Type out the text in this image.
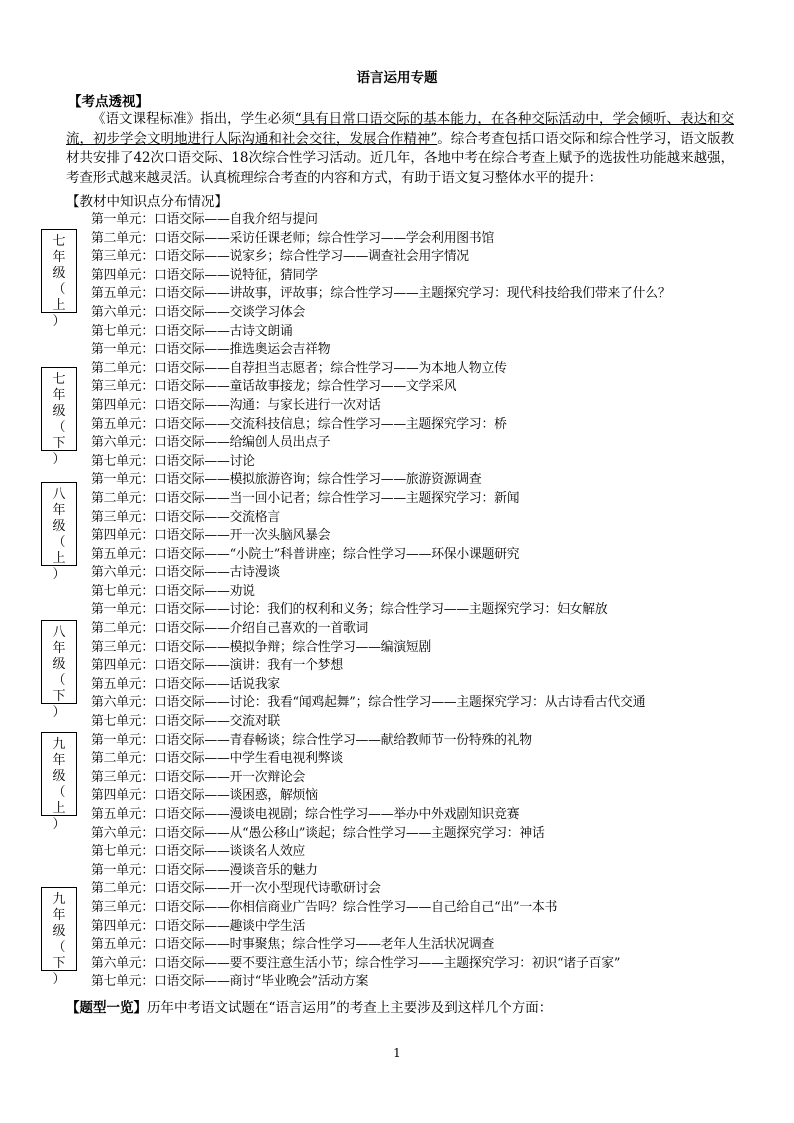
语言运用专题
【考点透视】
《语文课程标准》指出，学生必须“具有日常口语交际的基本能力，在各种交际活动中，学会倾听、表达和交流，初步学会文明地进行人际沟通和社会交往，发展合作精神”。综合考查包括口语交际和综合性学习，语文版教材共安排了42次口语交际、18次综合性学习活动。近几年，各地中考在综合考查上赋予的选拔性功能越来越强，考查形式越来越灵活。认真梳理综合考查的内容和方式，有助于语文复习整体水平的提升：
【教材中知识点分布情况】
第一单元：口语交际——自我介绍与提问
第二单元：口语交际——采访任课老师；综合性学习——学会利用图书馆
第三单元：口语交际——说家乡；综合性学习——调查社会用字情况
第四单元：口语交际——说特征，猜同学
第五单元：口语交际——讲故事，评故事；综合性学习——主题探究学习：现代科技给我们带来了什么？
第六单元：口语交际——交谈学习体会
第七单元：口语交际——古诗文朗诵
第一单元：口语交际——推选奥运会吉祥物
第二单元：口语交际——自荐担当志愿者；综合性学习——为本地人物立传
第三单元：口语交际——童话故事接龙；综合性学习——文学采风
第四单元：口语交际——沟通：与家长进行一次对话
第五单元：口语交际——交流科技信息；综合性学习——主题探究学习：桥
第六单元：口语交际——给编创人员出点子
第七单元：口语交际——讨论
第一单元：口语交际——模拟旅游咨询；综合性学习——旅游资源调查
第二单元：口语交际——当一回小记者；综合性学习——主题探究学习：新闻
第三单元：口语交际——交流格言
第四单元：口语交际——开一次头脑风暴会
第五单元：口语交际——“小院士”科普讲座；综合性学习——环保小课题研究
第六单元：口语交际——古诗漫谈
第七单元：口语交际——劝说
第一单元：口语交际——讨论：我们的权利和义务；综合性学习——主题探究学习：妇女解放
第二单元：口语交际——介绍自己喜欢的一首歌词
第三单元：口语交际——模拟争辩；综合性学习——编演短剧
第四单元：口语交际——演讲：我有一个梦想
第五单元：口语交际——话说我家
第六单元：口语交际——讨论：我看“闻鸡起舞”；综合性学习——主题探究学习：从古诗看古代交通
第七单元：口语交际——交流对联
第一单元：口语交际——青春畅谈；综合性学习——献给教师节一份特殊的礼物
第二单元：口语交际——中学生看电视利弊谈
第三单元：口语交际——开一次辩论会
第四单元：口语交际——谈困惑，解烦恼
第五单元：口语交际——漫谈电视剧；综合性学习——举办中外戏剧知识竞赛
第六单元：口语交际——从“愚公移山”谈起；综合性学习——主题探究学习：神话
第七单元：口语交际——谈谈名人效应
第一单元：口语交际——漫谈音乐的魅力
第二单元：口语交际——开一次小型现代诗歌研讨会
第三单元：口语交际——你相信商业广告吗？综合性学习——自己给自己“出”一本书
第四单元：口语交际——趣谈中学生活
第五单元：口语交际——时事聚焦；综合性学习——老年人生活状况调查
第六单元：口语交际——要不要注意生活小节；综合性学习——主题探究学习：初识“诸子百家”
第七单元：口语交际——商讨“毕业晚会”活动方案
七
年
级
（
上
）
七
年
级
（
下
）
八
年
级
（
上
）
八
年
级
（
下
）
九
年
级
（
上
）
九
年
级
（
下
）
【题型一览】历年中考语文试题在“语言运用”的考查上主要涉及到这样几个方面：
1
